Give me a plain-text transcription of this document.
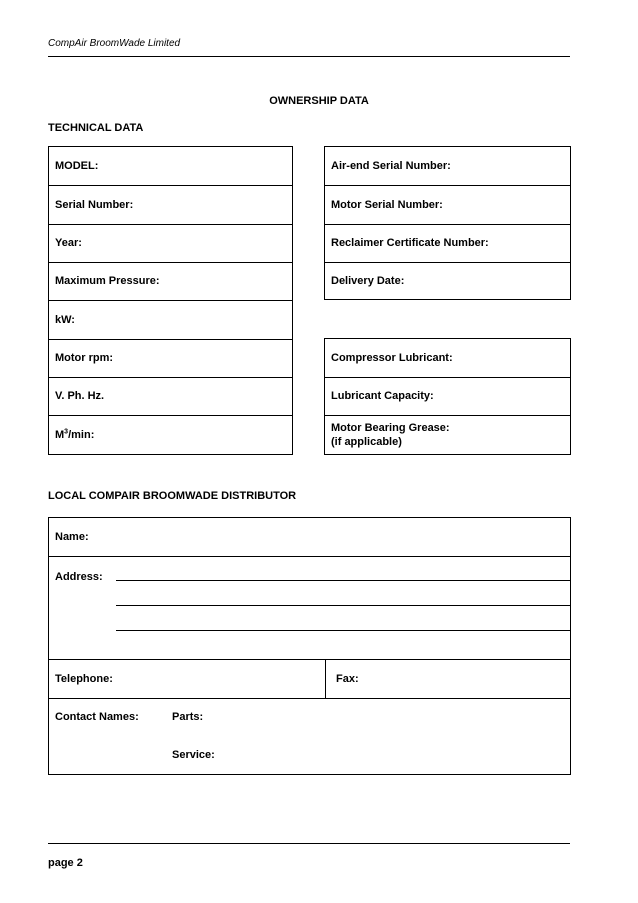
CompAir BroomWade Limited
OWNERSHIP DATA
TECHNICAL DATA
MODEL:
Serial Number:
Year:
Maximum Pressure:
kW:
Motor rpm:
V. Ph. Hz.
$M^3/\min$:
Air-end Serial Number:
Motor Serial Number:
Reclaimer Certificate Number:
Delivery Date:
Compressor Lubricant:
Lubricant Capacity:
Motor Bearing Grease:
(if applicable)
LOCAL COMPAIR BROOMWADE DISTRIBUTOR
Name:
Address:
Telephone:	Fax:
Contact Names:	Parts:
Service:
page 2
